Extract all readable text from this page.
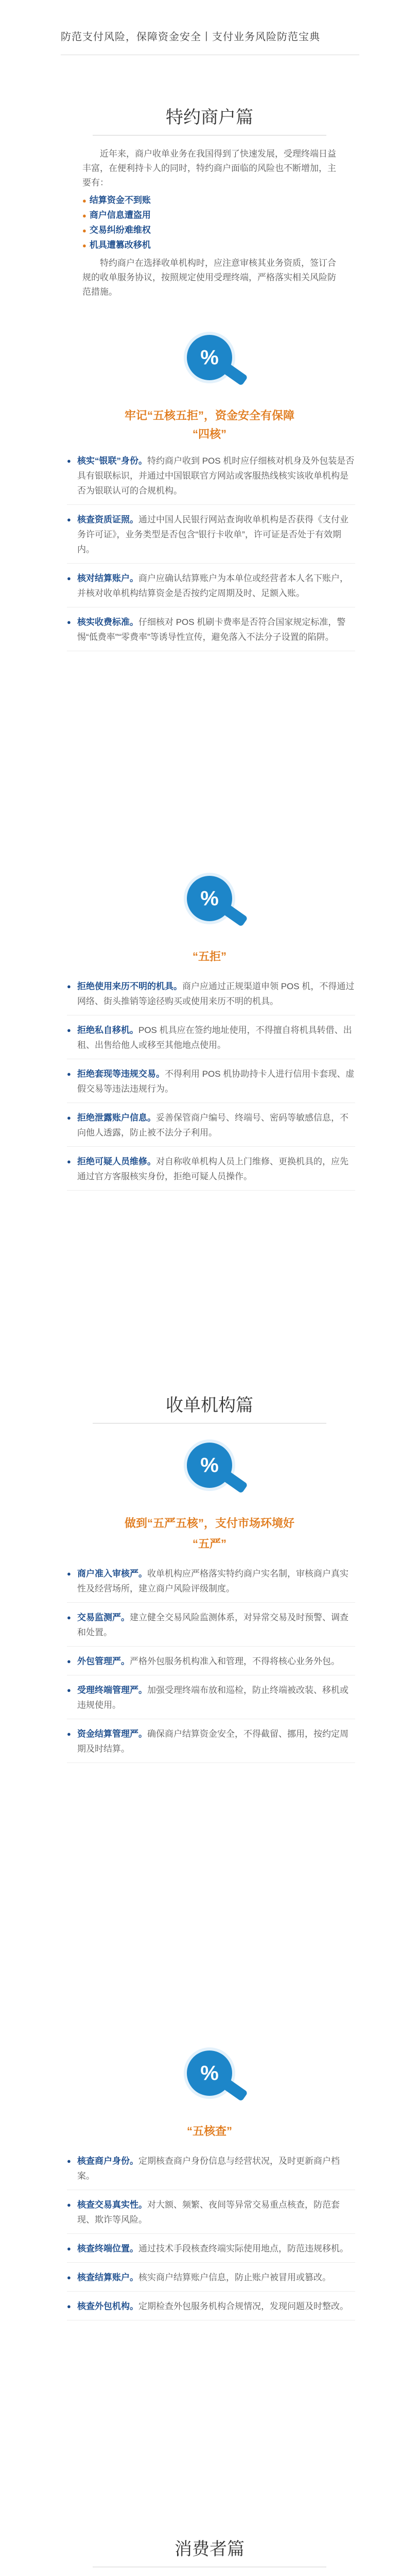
防范支付风险，保障资金安全丨支付业务风险防范宝典
特约商户篇

近年来，商户收单业务在我国得到了快速发展，受理终端日益丰富，在便利持卡人的同时，特约商户面临的风险也不断增加，主要有：

● 结算资金不到账
● 商户信息遭盗用
● 交易纠纷难维权
● 机具遭篡改移机

特约商户在选择收单机构时，应注意审核其业务资质，签订合规的收单服务协议，按照规定使用受理终端，严格落实相关风险防范措施。

%
牢记“五核五拒”，资金安全有保障
“四核”
● 核实“银联”身份。特约商户收到 POS 机时应仔细核对机身及外包装是否具有银联标识，并通过中国银联官方网站或客服热线核实该收单机构是否为银联认可的合规机构。
● 核查资质证照。通过中国人民银行网站查询收单机构是否获得《支付业务许可证》，业务类型是否包含“银行卡收单”，许可证是否处于有效期内。
● 核对结算账户。商户应确认结算账户为本单位或经营者本人名下账户，并核对收单机构结算资金是否按约定周期及时、足额入账。
● 核实收费标准。仔细核对 POS 机刷卡费率是否符合国家规定标准，警惕“低费率”“零费率”等诱导性宣传，避免落入不法分子设置的陷阱。
%
“五拒”
● 拒绝使用来历不明的机具。商户应通过正规渠道申领 POS 机，不得通过网络、街头推销等途径购买或使用来历不明的机具。
● 拒绝私自移机。POS 机具应在签约地址使用，不得擅自将机具转借、出租、出售给他人或移至其他地点使用。
● 拒绝套现等违规交易。不得利用 POS 机协助持卡人进行信用卡套现、虚假交易等违法违规行为。
● 拒绝泄露账户信息。妥善保管商户编号、终端号、密码等敏感信息，不向他人透露，防止被不法分子利用。
● 拒绝可疑人员维修。对自称收单机构人员上门维修、更换机具的，应先通过官方客服核实身份，拒绝可疑人员操作。
收单机构篇
%
做到“五严五核”，支付市场环境好
“五严”
● 商户准入审核严。收单机构应严格落实特约商户实名制，审核商户真实性及经营场所，建立商户风险评级制度。
● 交易监测严。建立健全交易风险监测体系，对异常交易及时预警、调查和处置。
● 外包管理严。严格外包服务机构准入和管理，不得将核心业务外包。
● 受理终端管理严。加强受理终端布放和巡检，防止终端被改装、移机或违规使用。
● 资金结算管理严。确保商户结算资金安全，不得截留、挪用，按约定周期及时结算。
%
“五核查”
● 核查商户身份。定期核查商户身份信息与经营状况，及时更新商户档案。
● 核查交易真实性。对大额、频繁、夜间等异常交易重点核查，防范套现、欺诈等风险。
● 核查终端位置。通过技术手段核查终端实际使用地点，防范违规移机。
● 核查结算账户。核实商户结算账户信息，防止账户被冒用或篡改。
● 核查外包机构。定期检查外包服务机构合规情况，发现问题及时整改。
消费者篇
